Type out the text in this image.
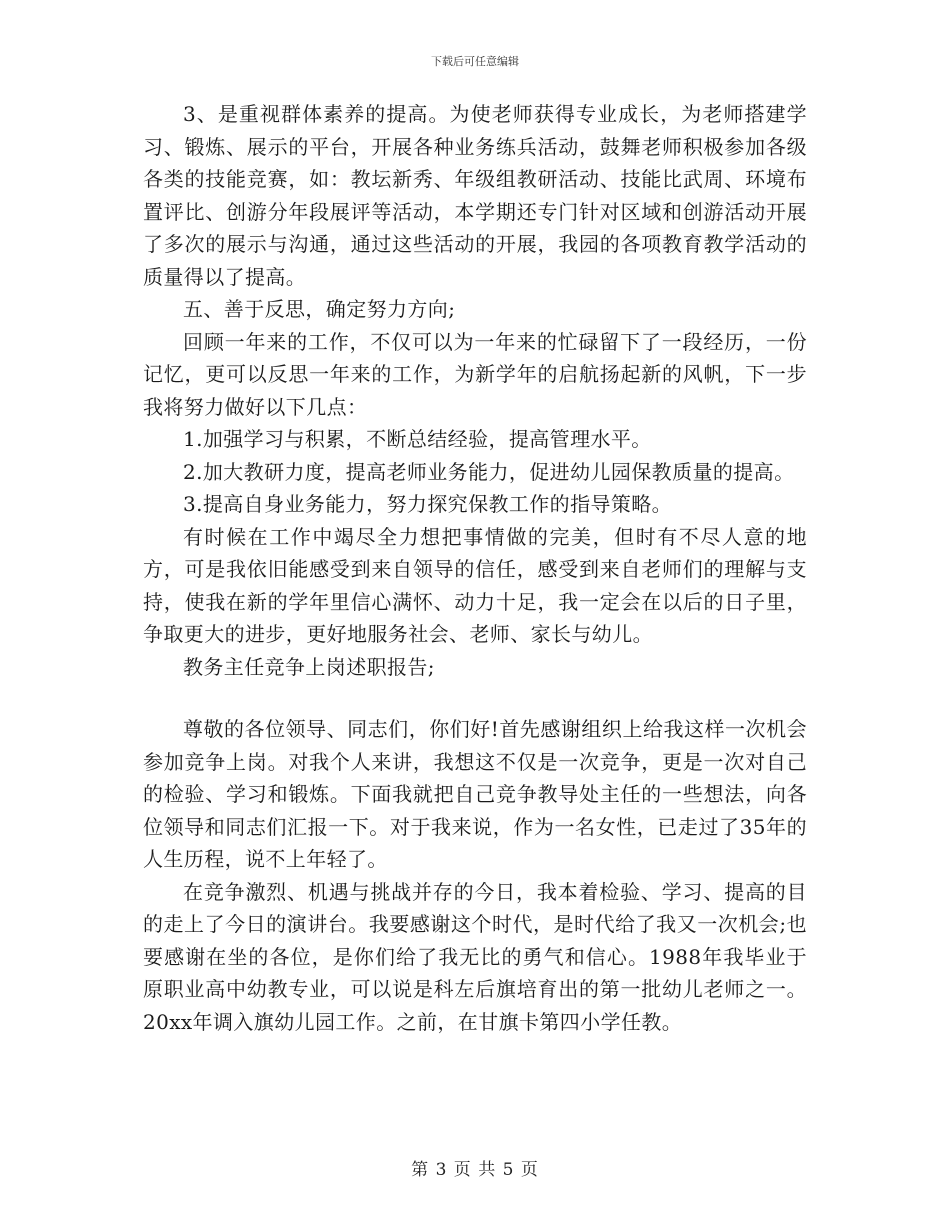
下载后可任意编辑

3、是重视群体素养的提高。为使老师获得专业成长，为老师搭建学习、锻炼、展示的平台，开展各种业务练兵活动，鼓舞老师积极参加各级各类的技能竞赛，如：教坛新秀、年级组教研活动、技能比武周、环境布置评比、创游分年段展评等活动，本学期还专门针对区域和创游活动开展了多次的展示与沟通，通过这些活动的开展，我园的各项教育教学活动的质量得以了提高。

五、善于反思，确定努力方向;

回顾一年来的工作，不仅可以为一年来的忙碌留下了一段经历，一份记忆，更可以反思一年来的工作，为新学年的启航扬起新的风帆，下一步我将努力做好以下几点：

1.加强学习与积累，不断总结经验，提高管理水平。

2.加大教研力度，提高老师业务能力，促进幼儿园保教质量的提高。

3.提高自身业务能力，努力探究保教工作的指导策略。

有时候在工作中竭尽全力想把事情做的完美，但时有不尽人意的地方，可是我依旧能感受到来自领导的信任，感受到来自老师们的理解与支持，使我在新的学年里信心满怀、动力十足，我一定会在以后的日子里，争取更大的进步，更好地服务社会、老师、家长与幼儿。

教务主任竞争上岗述职报告;

尊敬的各位领导、同志们，你们好!首先感谢组织上给我这样一次机会参加竞争上岗。对我个人来讲，我想这不仅是一次竞争，更是一次对自己的检验、学习和锻炼。下面我就把自己竞争教导处主任的一些想法，向各位领导和同志们汇报一下。对于我来说，作为一名女性，已走过了35年的人生历程，说不上年轻了。

在竞争激烈、机遇与挑战并存的今日，我本着检验、学习、提高的目的走上了今日的演讲台。我要感谢这个时代，是时代给了我又一次机会;也要感谢在坐的各位，是你们给了我无比的勇气和信心。1988年我毕业于原职业高中幼教专业，可以说是科左后旗培育出的第一批幼儿老师之一。20xx年调入旗幼儿园工作。之前，在甘旗卡第四小学任教。

第 3 页 共 5 页
